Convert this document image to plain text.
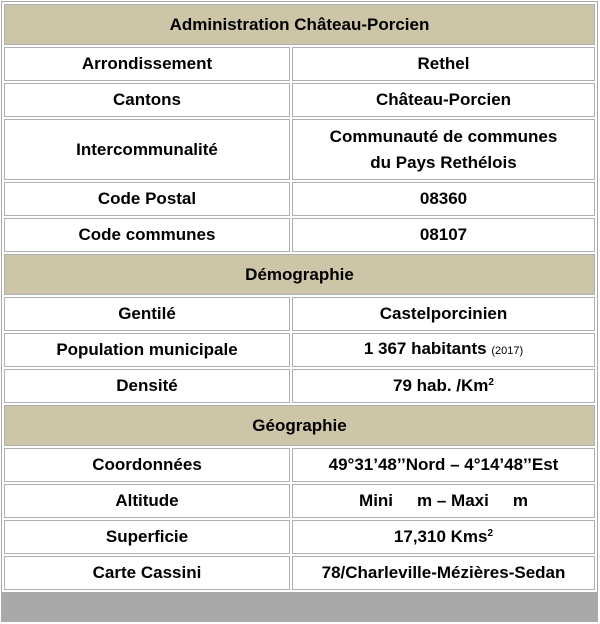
Administration Château-Porcien	
Arrondissement	Rethel
Cantons	Château-Porcien
Intercommunalité	Communauté de communes
du Pays Rethélois
Code Postal	08360
Code communes	08107
Démographie	
Gentilé	Castelporcinien
Population municipale	1 367 habitants (2017)
Densité	79 hab. /Km$^2$
Géographie	
Coordonnées	49°31’48’’Nord – 4°14’48’’Est
Altitude	Mini m – Maxi m
Superficie	17,310 Kms$^2$
Carte Cassini	78/Charleville-Mézières-Sedan
